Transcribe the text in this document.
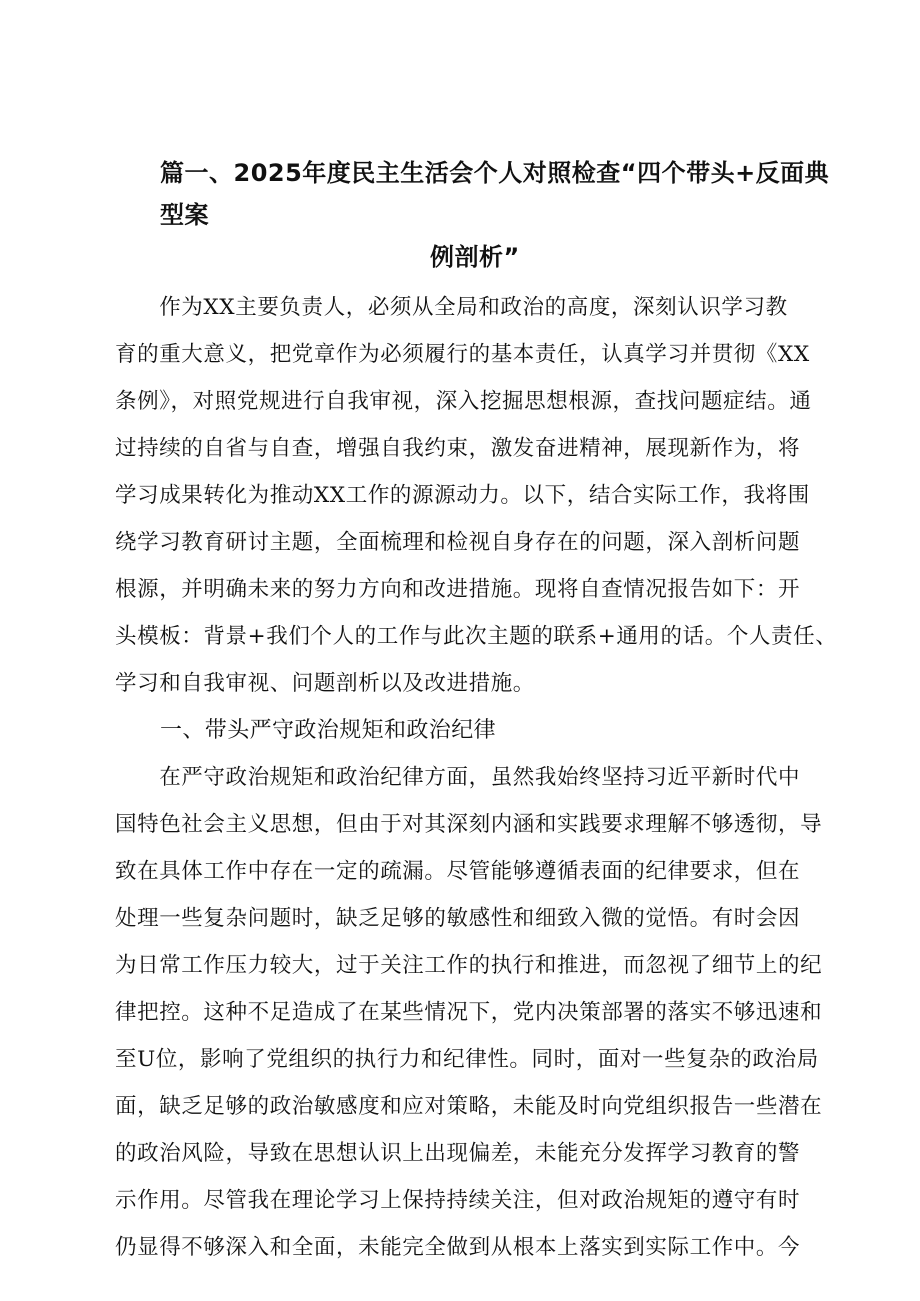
篇一、2025年度民主生活会个人对照检查“四个带头+反面典型案
例剖析”
　　作为XX主要负责人，必须从全局和政治的高度，深刻认识学习教
育的重大意义，把党章作为必须履行的基本责任，认真学习并贯彻《XX
条例》，对照党规进行自我审视，深入挖掘思想根源，查找问题症结。通
过持续的自省与自查，增强自我约束，激发奋进精神，展现新作为，将
学习成果转化为推动XX工作的源源动力。以下，结合实际工作，我将围
绕学习教育研讨主题，全面梳理和检视自身存在的问题，深入剖析问题
根源，并明确未来的努力方向和改进措施。现将自查情况报告如下：开
头模板：背景+我们个人的工作与此次主题的联系+通用的话。个人责任、
学习和自我审视、问题剖析以及改进措施。
一、带头严守政治规矩和政治纪律
　　在严守政治规矩和政治纪律方面，虽然我始终坚持习近平新时代中
国特色社会主义思想，但由于对其深刻内涵和实践要求理解不够透彻，导
致在具体工作中存在一定的疏漏。尽管能够遵循表面的纪律要求，但在
处理一些复杂问题时，缺乏足够的敏感性和细致入微的觉悟。有时会因
为日常工作压力较大，过于关注工作的执行和推进，而忽视了细节上的纪
律把控。这种不足造成了在某些情况下，党内决策部署的落实不够迅速和
至U位，影响了党组织的执行力和纪律性。同时，面对一些复杂的政治局
面，缺乏足够的政治敏感度和应对策略，未能及时向党组织报告一些潜在
的政治风险，导致在思想认识上出现偏差，未能充分发挥学习教育的警
示作用。尽管我在理论学习上保持持续关注，但对政治规矩的遵守有时
仍显得不够深入和全面，未能完全做到从根本上落实到实际工作中。今
